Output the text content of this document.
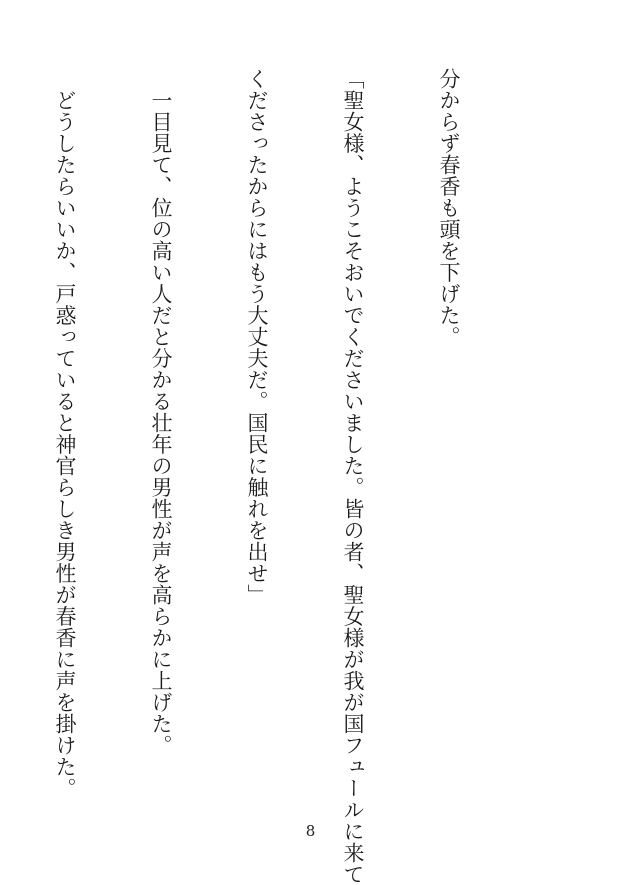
分からず春香も頭を下げた。

「聖女様、ようこそおいでくださいました。皆の者、聖女様が我が国フュールに来て

くださったからにはもう大丈夫だ。国民に触れを出せ」

　一目見て、位の高い人だと分かる壮年の男性が声を高らかに上げた。

　どうしたらいいか、戸惑っていると神官らしき男性が春香に声を掛けた。

8
